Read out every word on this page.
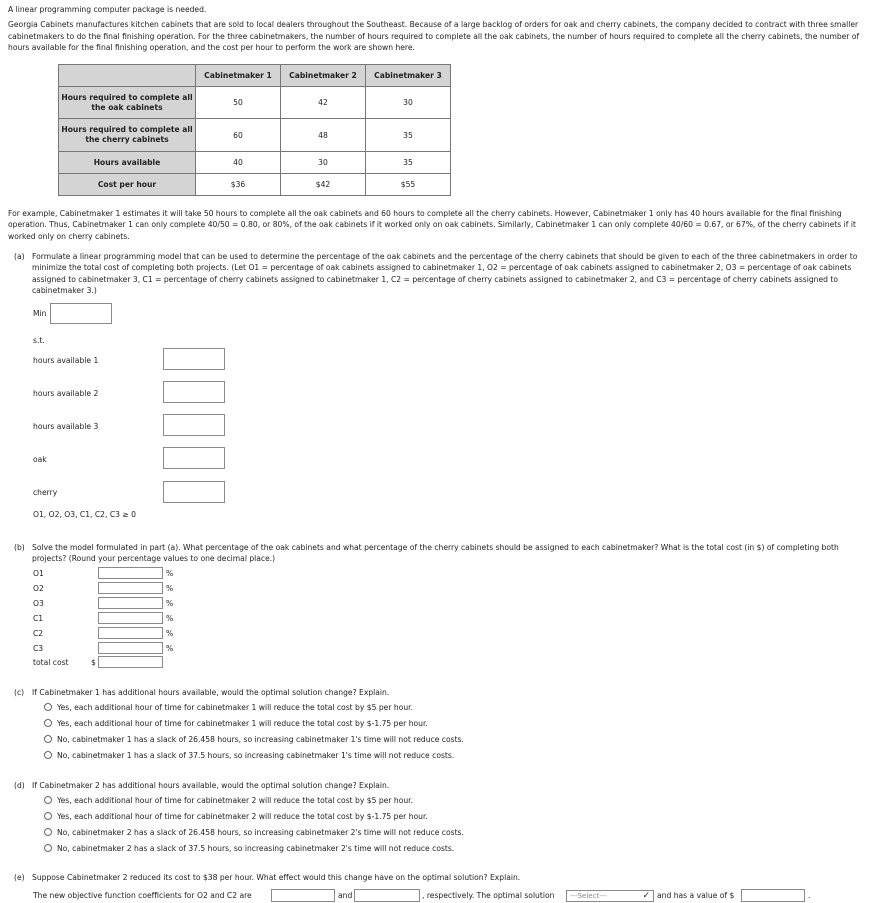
A linear programming computer package is needed.

Georgia Cabinets manufactures kitchen cabinets that are sold to local dealers throughout the Southeast. Because of a large backlog of orders for oak and cherry cabinets, the company decided to contract with three smaller cabinetmakers to do the final finishing operation. For the three cabinetmakers, the number of hours required to complete all the oak cabinets, the number of hours required to complete all the cherry cabinets, the number of hours available for the final finishing operation, and the cost per hour to perform the work are shown here.

	Cabinetmaker 1	Cabinetmaker 2	Cabinetmaker 3
Hours required to complete all the oak cabinets	50	42	30
Hours required to complete all the cherry cabinets	60	48	35
Hours available	40	30	35
Cost per hour	$36	$42	$55

For example, Cabinetmaker 1 estimates it will take 50 hours to complete all the oak cabinets and 60 hours to complete all the cherry cabinets. However, Cabinetmaker 1 only has 40 hours available for the final finishing operation. Thus, Cabinetmaker 1 can only complete 40/50 = 0.80, or 80%, of the oak cabinets if it worked only on oak cabinets. Similarly, Cabinetmaker 1 can only complete 40/60 = 0.67, or 67%, of the cherry cabinets if it worked only on cherry cabinets.

(a) Formulate a linear programming model that can be used to determine the percentage of the oak cabinets and the percentage of the cherry cabinets that should be given to each of the three cabinetmakers in order to minimize the total cost of completing both projects. (Let O1 = percentage of oak cabinets assigned to cabinetmaker 1, O2 = percentage of oak cabinets assigned to cabinetmaker 2, O3 = percentage of oak cabinets assigned to cabinetmaker 3, C1 = percentage of cherry cabinets assigned to cabinetmaker 1, C2 = percentage of cherry cabinets assigned to cabinetmaker 2, and C3 = percentage of cherry cabinets assigned to cabinetmaker 3.)

Min
s.t.
hours available 1
hours available 2
hours available 3
oak
cherry
O1, O2, O3, C1, C2, C3 ≥ 0
(b) Solve the model formulated in part (a). What percentage of the oak cabinets and what percentage of the cherry cabinets should be assigned to each cabinetmaker? What is the total cost (in $) of completing both projects? (Round your percentage values to one decimal place.)

O1	%
O2	%
O3	%
C1	%
C2	%
C3	%
total cost	$
(c) If Cabinetmaker 1 has additional hours available, would the optimal solution change? Explain.

Yes, each additional hour of time for cabinetmaker 1 will reduce the total cost by $5 per hour.
Yes, each additional hour of time for cabinetmaker 1 will reduce the total cost by $-1.75 per hour.
No, cabinetmaker 1 has a slack of 26.458 hours, so increasing cabinetmaker 1's time will not reduce costs.
No, cabinetmaker 1 has a slack of 37.5 hours, so increasing cabinetmaker 1's time will not reduce costs.
(d) If Cabinetmaker 2 has additional hours available, would the optimal solution change? Explain.

Yes, each additional hour of time for cabinetmaker 2 will reduce the total cost by $5 per hour.
Yes, each additional hour of time for cabinetmaker 2 will reduce the total cost by $-1.75 per hour.
No, cabinetmaker 2 has a slack of 26.458 hours, so increasing cabinetmaker 2's time will not reduce costs.
No, cabinetmaker 2 has a slack of 37.5 hours, so increasing cabinetmaker 2's time will not reduce costs.
(e) Suppose Cabinetmaker 2 reduced its cost to $38 per hour. What effect would this change have on the optimal solution? Explain.

The new objective function coefficients for O2 and C2 are	and	, respectively. The optimal solution ---Select---	✓ and has a value of $	.
